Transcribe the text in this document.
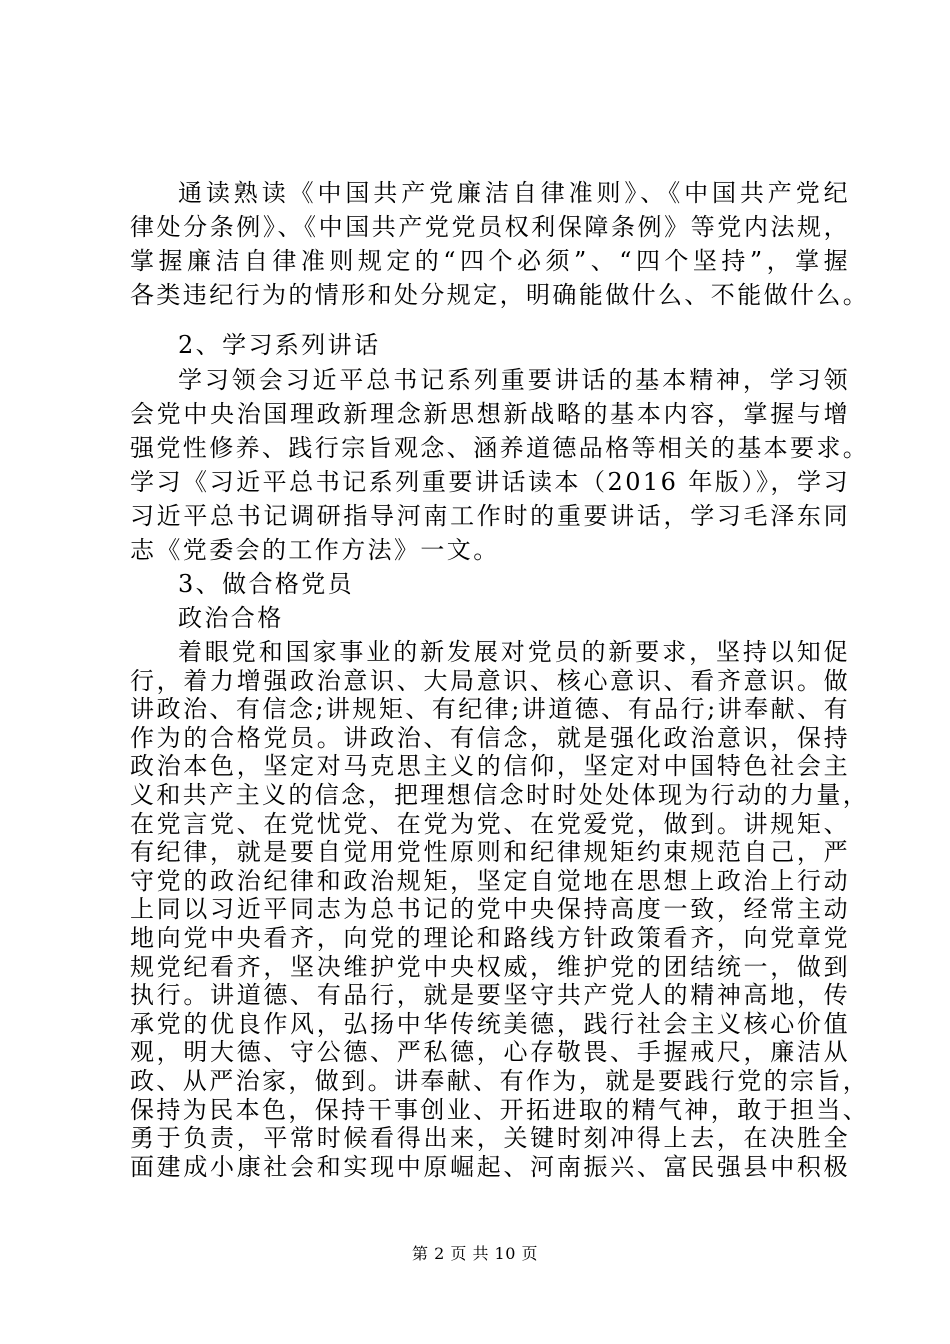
通读熟读《中国共产党廉洁自律准则》、《中国共产党纪
律处分条例》、《中国共产党党员权利保障条例》等党内法规，
掌握廉洁自律准则规定的“四个必须”、“四个坚持”，掌握
各类违纪行为的情形和处分规定，明确能做什么、不能做什么。
2、学习系列讲话
学习领会习近平总书记系列重要讲话的基本精神，学习领
会党中央治国理政新理念新思想新战略的基本内容，掌握与增
强党性修养、践行宗旨观念、涵养道德品格等相关的基本要求。
学习《习近平总书记系列重要讲话读本（2016 年版）》，学习
习近平总书记调研指导河南工作时的重要讲话，学习毛泽东同
志《党委会的工作方法》一文。
3、做合格党员
政治合格
着眼党和国家事业的新发展对党员的新要求，坚持以知促
行，着力增强政治意识、大局意识、核心意识、看齐意识。做
讲政治、有信念;讲规矩、有纪律;讲道德、有品行;讲奉献、有
作为的合格党员。讲政治、有信念，就是强化政治意识，保持
政治本色，坚定对马克思主义的信仰，坚定对中国特色社会主
义和共产主义的信念，把理想信念时时处处体现为行动的力量，
在党言党、在党忧党、在党为党、在党爱党，做到。讲规矩、
有纪律，就是要自觉用党性原则和纪律规矩约束规范自己，严
守党的政治纪律和政治规矩，坚定自觉地在思想上政治上行动
上同以习近平同志为总书记的党中央保持高度一致，经常主动
地向党中央看齐，向党的理论和路线方针政策看齐，向党章党
规党纪看齐，坚决维护党中央权威，维护党的团结统一，做到
执行。讲道德、有品行，就是要坚守共产党人的精神高地，传
承党的优良作风，弘扬中华传统美德，践行社会主义核心价值
观，明大德、守公德、严私德，心存敬畏、手握戒尺，廉洁从
政、从严治家，做到。讲奉献、有作为，就是要践行党的宗旨，
保持为民本色，保持干事创业、开拓进取的精气神，敢于担当、
勇于负责，平常时候看得出来，关键时刻冲得上去，在决胜全
面建成小康社会和实现中原崛起、河南振兴、富民强县中积极
第 2 页 共 10 页
